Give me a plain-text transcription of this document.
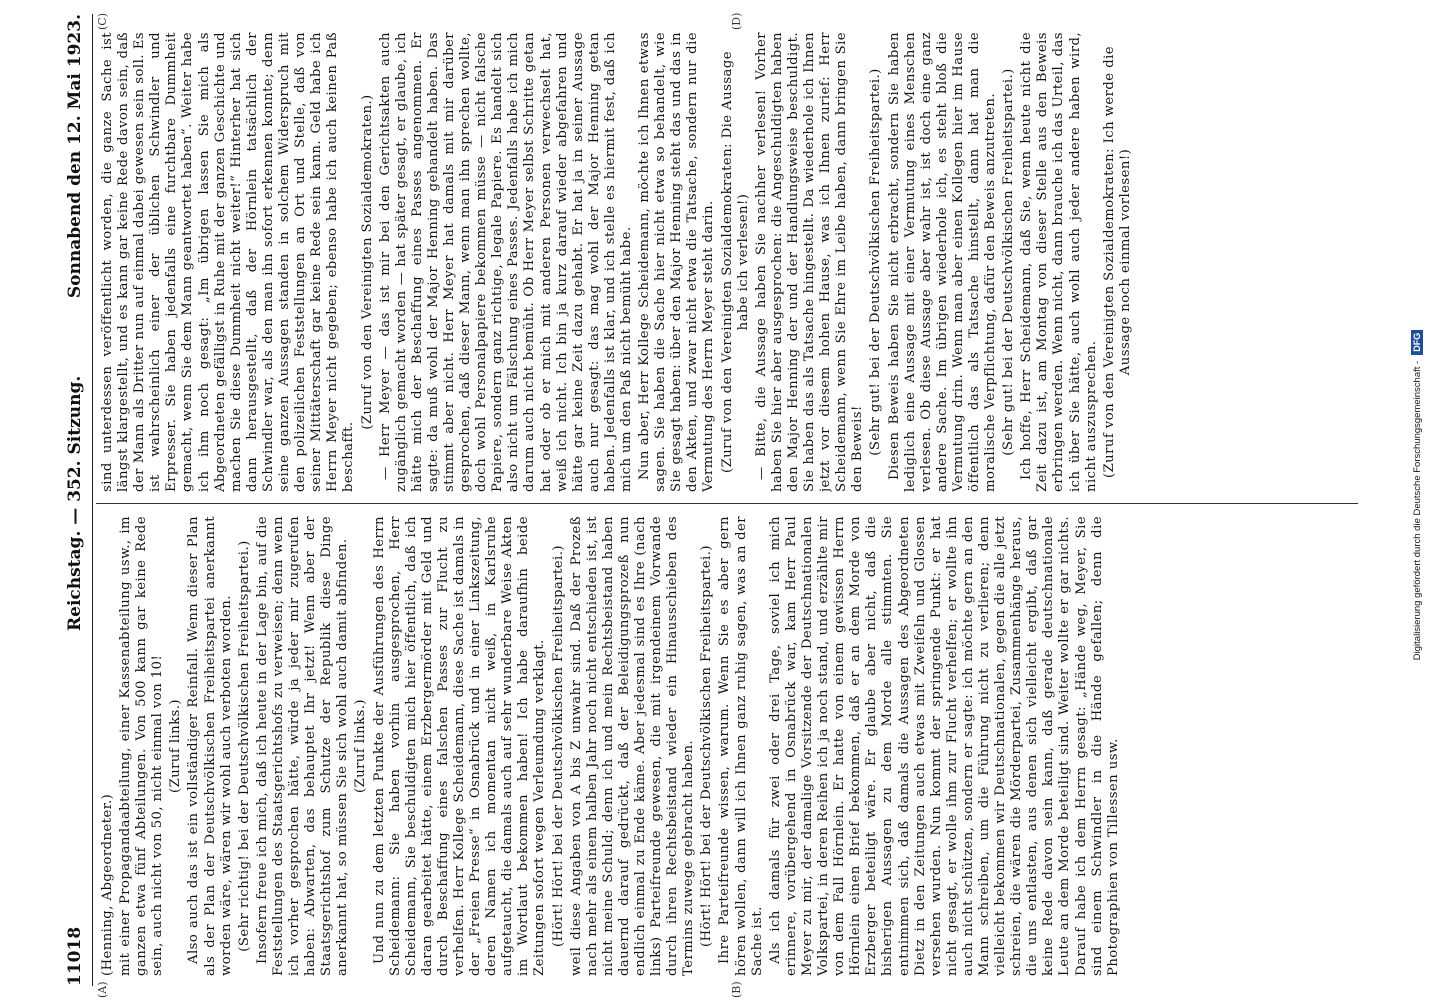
11018
Reichstag. — 352. Sitzung.
Sonnabend den 12. Mai 1923.
(A)	(B)
(C)	(D)

(Henning, Abgeordneter.) mit einer Propagandaabteilung, einer Kassenabteilung usw., im ganzen etwa fünf Abteilungen. Von 500 kann gar keine Rede sein, auch nicht von 50, nicht einmal von 10! (Zuruf links.) Also auch das ist ein vollständiger Reinfall. Wenn dieser Plan als der Plan der Deutschvölkischen Freiheitspartei anerkannt worden wäre, wären wir wohl auch verboten worden. (Sehr richtig! bei der Deutschvölkischen Freiheitspartei.) Insofern freue ich mich, daß ich heute in der Lage bin, auf die Feststellungen des Staatsgerichtshofs zu verweisen; denn wenn ich vorher gesprochen hätte, würde ja jeder mir zugerufen haben: Abwarten, das behauptet Ihr jetzt! Wenn aber der Staatsgerichtshof zum Schutze der Republik diese Dinge anerkannt hat, so müssen Sie sich wohl auch damit abfinden. (Zuruf links.) Und nun zu dem letzten Punkte der Ausführungen des Herrn Scheidemann: Sie haben vorhin ausgesprochen, Herr Scheidemann, Sie beschuldigten mich hier öffentlich, daß ich daran gearbeitet hätte, einem Erzbergermörder mit Geld und durch Beschaffung eines falschen Passes zur Flucht zu verhelfen. Herr Kollege Scheidemann, diese Sache ist damals in der „Freien Presse“ in Osnabrück und in einer Linkszeitung, deren Namen ich momentan nicht weiß, in Karlsruhe aufgetaucht, die damals auch auf sehr wunderbare Weise Akten im Wortlaut bekommen haben! Ich habe daraufhin beide Zeitungen sofort wegen Verleumdung verklagt. (Hört! Hört! bei der Deutschvölkischen Freiheitspartei.) weil diese Angaben von A bis Z unwahr sind. Daß der Prozeß nach mehr als einem halben Jahr noch nicht entschieden ist, ist nicht meine Schuld; denn ich und mein Rechtsbeistand haben dauernd darauf gedrückt, daß der Beleidigungsprozeß nun endlich einmal zu Ende käme. Aber jedesmal sind es Ihre (nach links) Parteifreunde gewesen, die mit irgendeinem Vorwande durch ihren Rechtsbeistand wieder ein Hinausschieben des Termins zuwege gebracht haben. (Hört! Hört! bei der Deutschvölkischen Freiheitspartei.) Ihre Parteifreunde wissen, warum. Wenn Sie es aber gern hören wollen, dann will ich Ihnen ganz ruhig sagen, was an der Sache ist. Als ich damals für zwei oder drei Tage, soviel ich mich erinnere, vorübergehend in Osnabrück war, kam Herr Paul Meyer zu mir, der damalige Vorsitzende der Deutschnationalen Volkspartei, in deren Reihen ich ja noch stand, und erzählte mir von dem Fall Hörnlein. Er hatte von einem gewissen Herrn Hörnlein einen Brief bekommen, daß er an dem Morde von Erzberger beteiligt wäre. Er glaube aber nicht, daß die bisherigen Aussagen zu dem Morde alle stimmten. Sie entnimmen sich, daß damals die Aussagen des Abgeordneten Dietz in den Zeitungen auch etwas mit Zweifeln und Glossen versehen wurden. Nun kommt der springende Punkt: er hat nicht gesagt, er wolle ihm zur Flucht verhelfen; er wollte ihn auch nicht schützen, sondern er sagte: ich möchte gern an den Mann schreiben, um die Führung nicht zu verlieren; denn vielleicht bekommen wir Deutschnationalen, gegen die alle jetzt schreien, die wären die Mörderpartei, Zusammenhänge heraus, die uns entlasten, aus denen sich vielleicht ergibt, daß gar keine Rede davon sein kann, daß gerade deutschnationale Leute an dem Morde beteiligt sind. Weiter wollte er gar nichts. Darauf habe ich dem Herrn gesagt: „Hände weg, Meyer, Sie sind einem Schwindler in die Hände gefallen; denn die Photographien von Tillessen usw.

sind unterdessen veröffentlicht worden, die ganze Sache ist längst klargestellt, und es kann gar keine Rede davon sein, daß der Mann als Dritter nun auf einmal dabei gewesen sein soll. Es ist wahrscheinlich einer der üblichen Schwindler und Erpresser. Sie haben jedenfalls eine furchtbare Dummheit gemacht, wenn Sie dem Mann geantwortet haben“. Weiter habe ich ihm noch gesagt: „Im übrigen lassen Sie mich als Abgeordneten gefälligst in Ruhe mit der ganzen Geschichte und machen Sie diese Dummheit nicht weiter!“ Hinterher hat sich dann herausgestellt, daß der Hörnlein tatsächlich der Schwindler war, als den man ihn sofort erkennen konnte; denn seine ganzen Aussagen standen in solchem Widerspruch mit den polizeilichen Feststellungen an Ort und Stelle, daß von seiner Mittäterschaft gar keine Rede sein kann. Geld habe ich Herrn Meyer nicht gegeben; ebenso habe ich auch keinen Paß beschafft.

(Zuruf von den Vereinigten Sozialdemokraten.) — Herr Meyer — das ist mir bei den Gerichtsakten auch zugänglich gemacht worden — hat später gesagt, er glaube, ich hätte mich der Beschaffung eines Passes angenommen. Er sagte: da muß wohl der Major Henning gehandelt haben. Das stimmt aber nicht. Herr Meyer hat damals mit mir darüber gesprochen, daß dieser Mann, wenn man ihn sprechen wollte, doch wohl Personalpapiere bekommen müsse — nicht falsche Papiere, sondern ganz richtige, legale Papiere. Es handelt sich also nicht um Fälschung eines Passes. Jedenfalls habe ich mich darum auch nicht bemüht. Ob Herr Meyer selbst Schritte getan hat oder ob er mich mit anderen Personen verwechselt hat, weiß ich nicht. Ich bin ja kurz darauf wieder abgefahren und hätte gar keine Zeit dazu gehabt. Er hat ja in seiner Aussage auch nur gesagt: das mag wohl der Major Henning getan haben. Jedenfalls ist klar, und ich stelle es hiermit fest, daß ich mich um den Paß nicht bemüht habe. Nun aber, Herr Kollege Scheidemann, möchte ich Ihnen etwas sagen. Sie haben die Sache hier nicht etwa so behandelt, wie Sie gesagt haben: über den Major Henning steht das und das in den Akten, und zwar nicht etwa die Tatsache, sondern nur die Vermutung des Herrn Meyer steht darin. (Zuruf von den Vereinigten Sozialdemokraten: Die Aussage habe ich verlesen!) — Bitte, die Aussage haben Sie nachher verlesen! Vorher haben Sie hier aber ausgesprochen: die Angeschuldigten haben den Major Henning der und der Handlungsweise beschuldigt. Sie haben das als Tatsache hingestellt. Da wiederhole ich Ihnen jetzt vor diesem hohen Hause, was ich Ihnen zurief: Herr Scheidemann, wenn Sie Ehre im Leibe haben, dann bringen Sie den Beweis! (Sehr gut! bei der Deutschvölkischen Freiheitspartei.) Diesen Beweis haben Sie nicht erbracht, sondern Sie haben lediglich eine Aussage mit einer Vermutung eines Menschen verlesen. Ob diese Aussage aber wahr ist, ist doch eine ganz andere Sache. Im übrigen wiederhole ich, es steht bloß die Vermutung drin. Wenn man aber einen Kollegen hier im Hause öffentlich das als Tatsache hinstellt, dann hat man die moralische Verpflichtung, dafür den Beweis anzutreten. (Sehr gut! bei der Deutschvölkischen Freiheitspartei.) Ich hoffe, Herr Scheidemann, daß Sie, wenn heute nicht die Zeit dazu ist, am Montag von dieser Stelle aus den Beweis erbringen werden. Wenn nicht, dann brauche ich das Urteil, das ich über Sie hätte, auch wohl auch jeder andere haben wird, nicht auszusprechen. (Zuruf von den Vereinigten Sozialdemokraten: Ich werde die Aussage noch einmal vorlesen!)

Digitalisierung gefördert durch die Deutsche Forschungsgemeinschaft -
DFG
